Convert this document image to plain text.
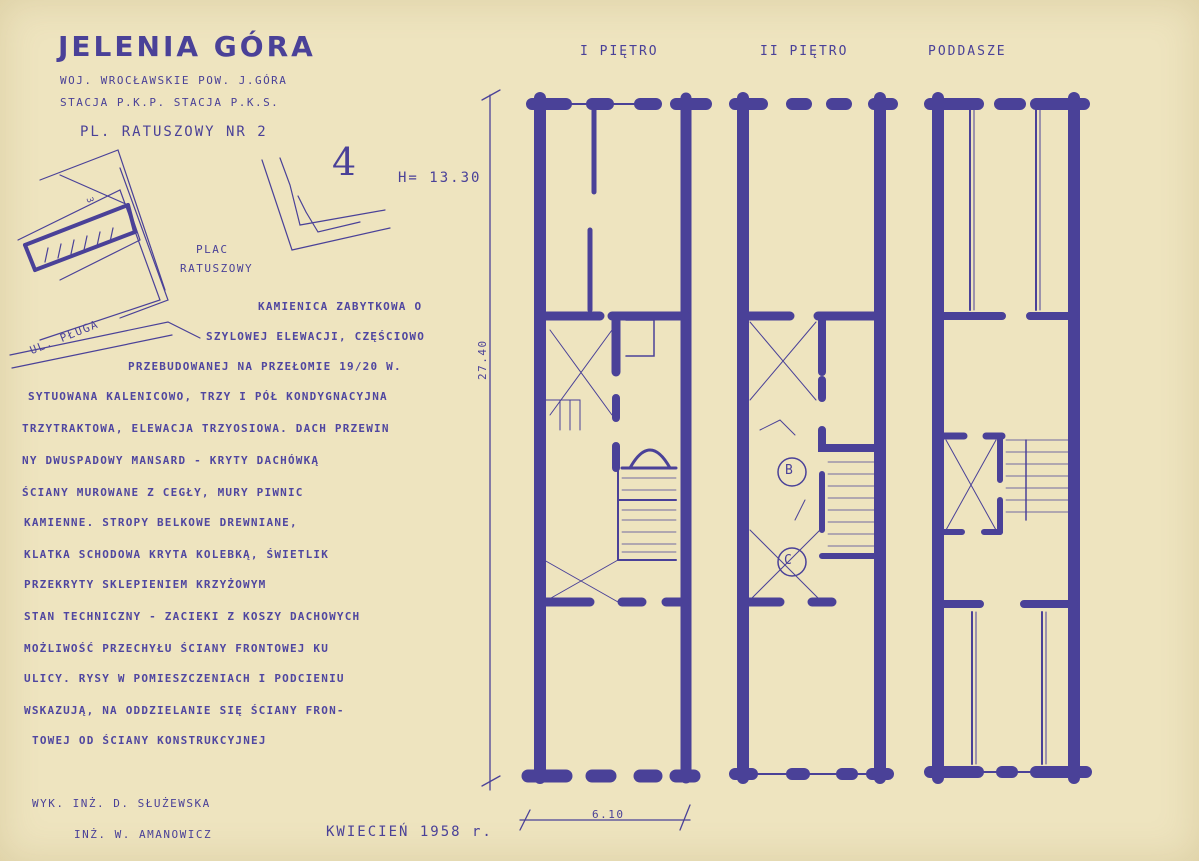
JELENIA GÓRA
WOJ. WROCŁAWSKIE POW. J.GÓRA
STACJA P.K.P. STACJA P.K.S.
PL. RATUSZOWY NR 2
4	H= 13.30
PLAC
RATUSZOWY
UL. PŁUGA
3
KAMIENICA ZABYTKOWA O
SZYLOWEJ ELEWACJI, CZĘŚCIOWO
PRZEBUDOWANEJ NA PRZEŁOMIE 19/20 W.
SYTUOWANA KALENICOWO, TRZY I PÓŁ KONDYGNACYJNA
TRZYTRAKTOWA, ELEWACJA TRZYOSIOWA. DACH PRZEWIN
NY DWUSPADOWY MANSARD - KRYTY DACHÓWKĄ
ŚCIANY MUROWANE Z CEGŁY, MURY PIWNIC
KAMIENNE. STROPY BELKOWE DREWNIANE,
KLATKA SCHODOWA KRYTA KOLEBKĄ, ŚWIETLIK
PRZEKRYTY SKLEPIENIEM KRZYŻOWYM
STAN TECHNICZNY - ZACIEKI Z KOSZY DACHOWYCH
MOŻLIWOŚĆ PRZECHYŁU ŚCIANY FRONTOWEJ KU
ULICY. RYSY W POMIESZCZENIACH I PODCIENIU
WSKAZUJĄ, NA ODDZIELANIE SIĘ ŚCIANY FRON-
TOWEJ OD ŚCIANY KONSTRUKCYJNEJ
WYK. INŻ. D. SŁUŻEWSKA
INŻ. W. AMANOWICZ	KWIECIEŃ 1958 r.
I PIĘTRO	II PIĘTRO	PODDASZE
27.40
6.10
B
C
